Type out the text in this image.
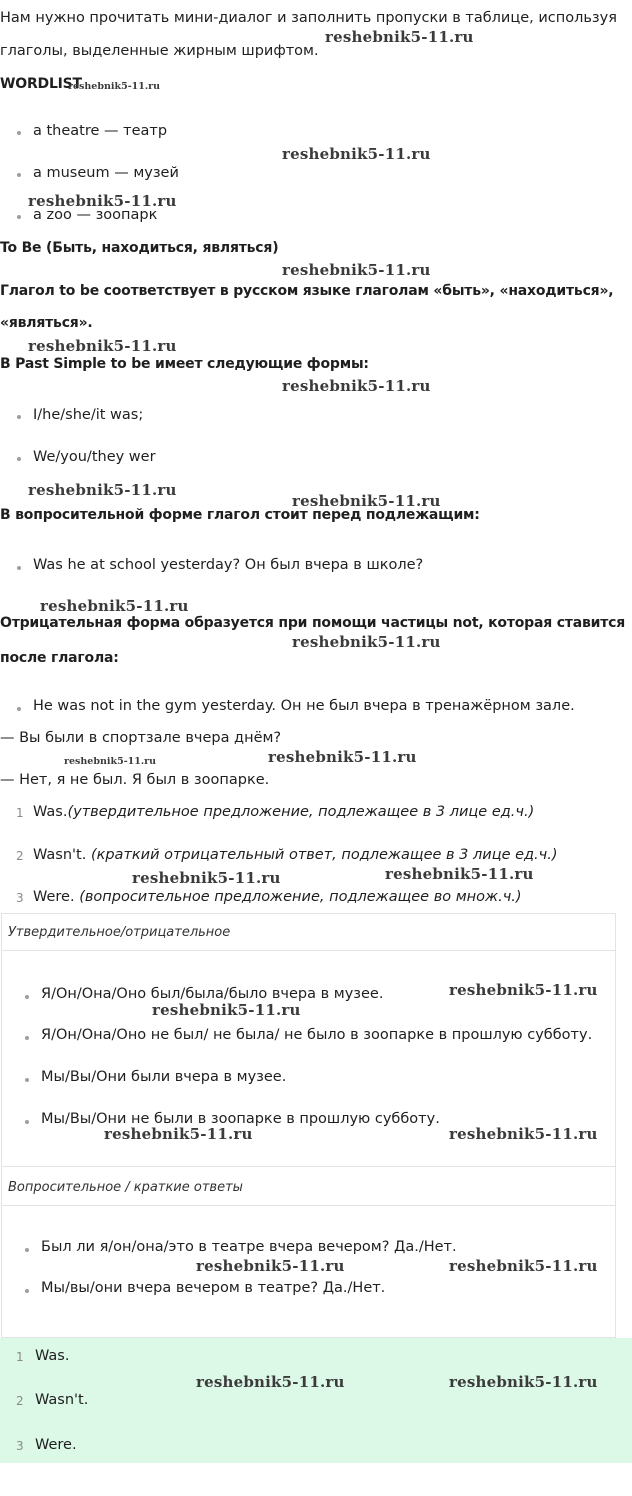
Нам нужно прочитать мини-диалог и заполнить пропуски в таблице, используя
глаголы, выделенные жирным шрифтом.
reshebnik5-11.ru
WORDLIST
reshebnik5-11.ru
a theatre — театр
reshebnik5-11.ru
a museum — музей
reshebnik5-11.ru
a zoo — зоопарк
To Be (Быть, находиться, являться)
reshebnik5-11.ru
Глагол to be соответствует в русском языке глаголам «быть», «находиться»,
«являться».
reshebnik5-11.ru
В Past Simple to be имеет следующие формы:
reshebnik5-11.ru
I/he/she/it was;
We/you/they wer
reshebnik5-11.ru
reshebnik5-11.ru
В вопросительной форме глагол стоит перед подлежащим:
Was he at school yesterday? Он был вчера в школе?
reshebnik5-11.ru
Отрицательная форма образуется при помощи частицы not, которая ставится
reshebnik5-11.ru
после глагола:
He was not in the gym yesterday. Он не был вчера в тренажёрном зале.
— Вы были в спортзале вчера днём?
reshebnik5-11.ru	reshebnik5-11.ru
— Нет, я не был. Я был в зоопарке.
1 Was.(утвердительное предложение, подлежащее в 3 лице ед.ч.)
2 Wasn't. (краткий отрицательный ответ, подлежащее в 3 лице ед.ч.)
reshebnik5-11.ru	reshebnik5-11.ru
3 Were. (вопросительное предложение, подлежащее во множ.ч.)
Утвердительное/отрицательное
Я/Он/Она/Оно был/была/было вчера в музее.	reshebnik5-11.ru
reshebnik5-11.ru
Я/Он/Она/Оно не был/ не была/ не было в зоопарке в прошлую субботу.
Мы/Вы/Они были вчера в музее.
Мы/Вы/Они не были в зоопарке в прошлую субботу.
reshebnik5-11.ru	reshebnik5-11.ru
Вопросительное / краткие ответы
Был ли я/он/она/это в театре вчера вечером? Да./Нет.
reshebnik5-11.ru	reshebnik5-11.ru
Мы/вы/они вчера вечером в театре? Да./Нет.
1 Was.
reshebnik5-11.ru	reshebnik5-11.ru
2 Wasn't.
3 Were.
